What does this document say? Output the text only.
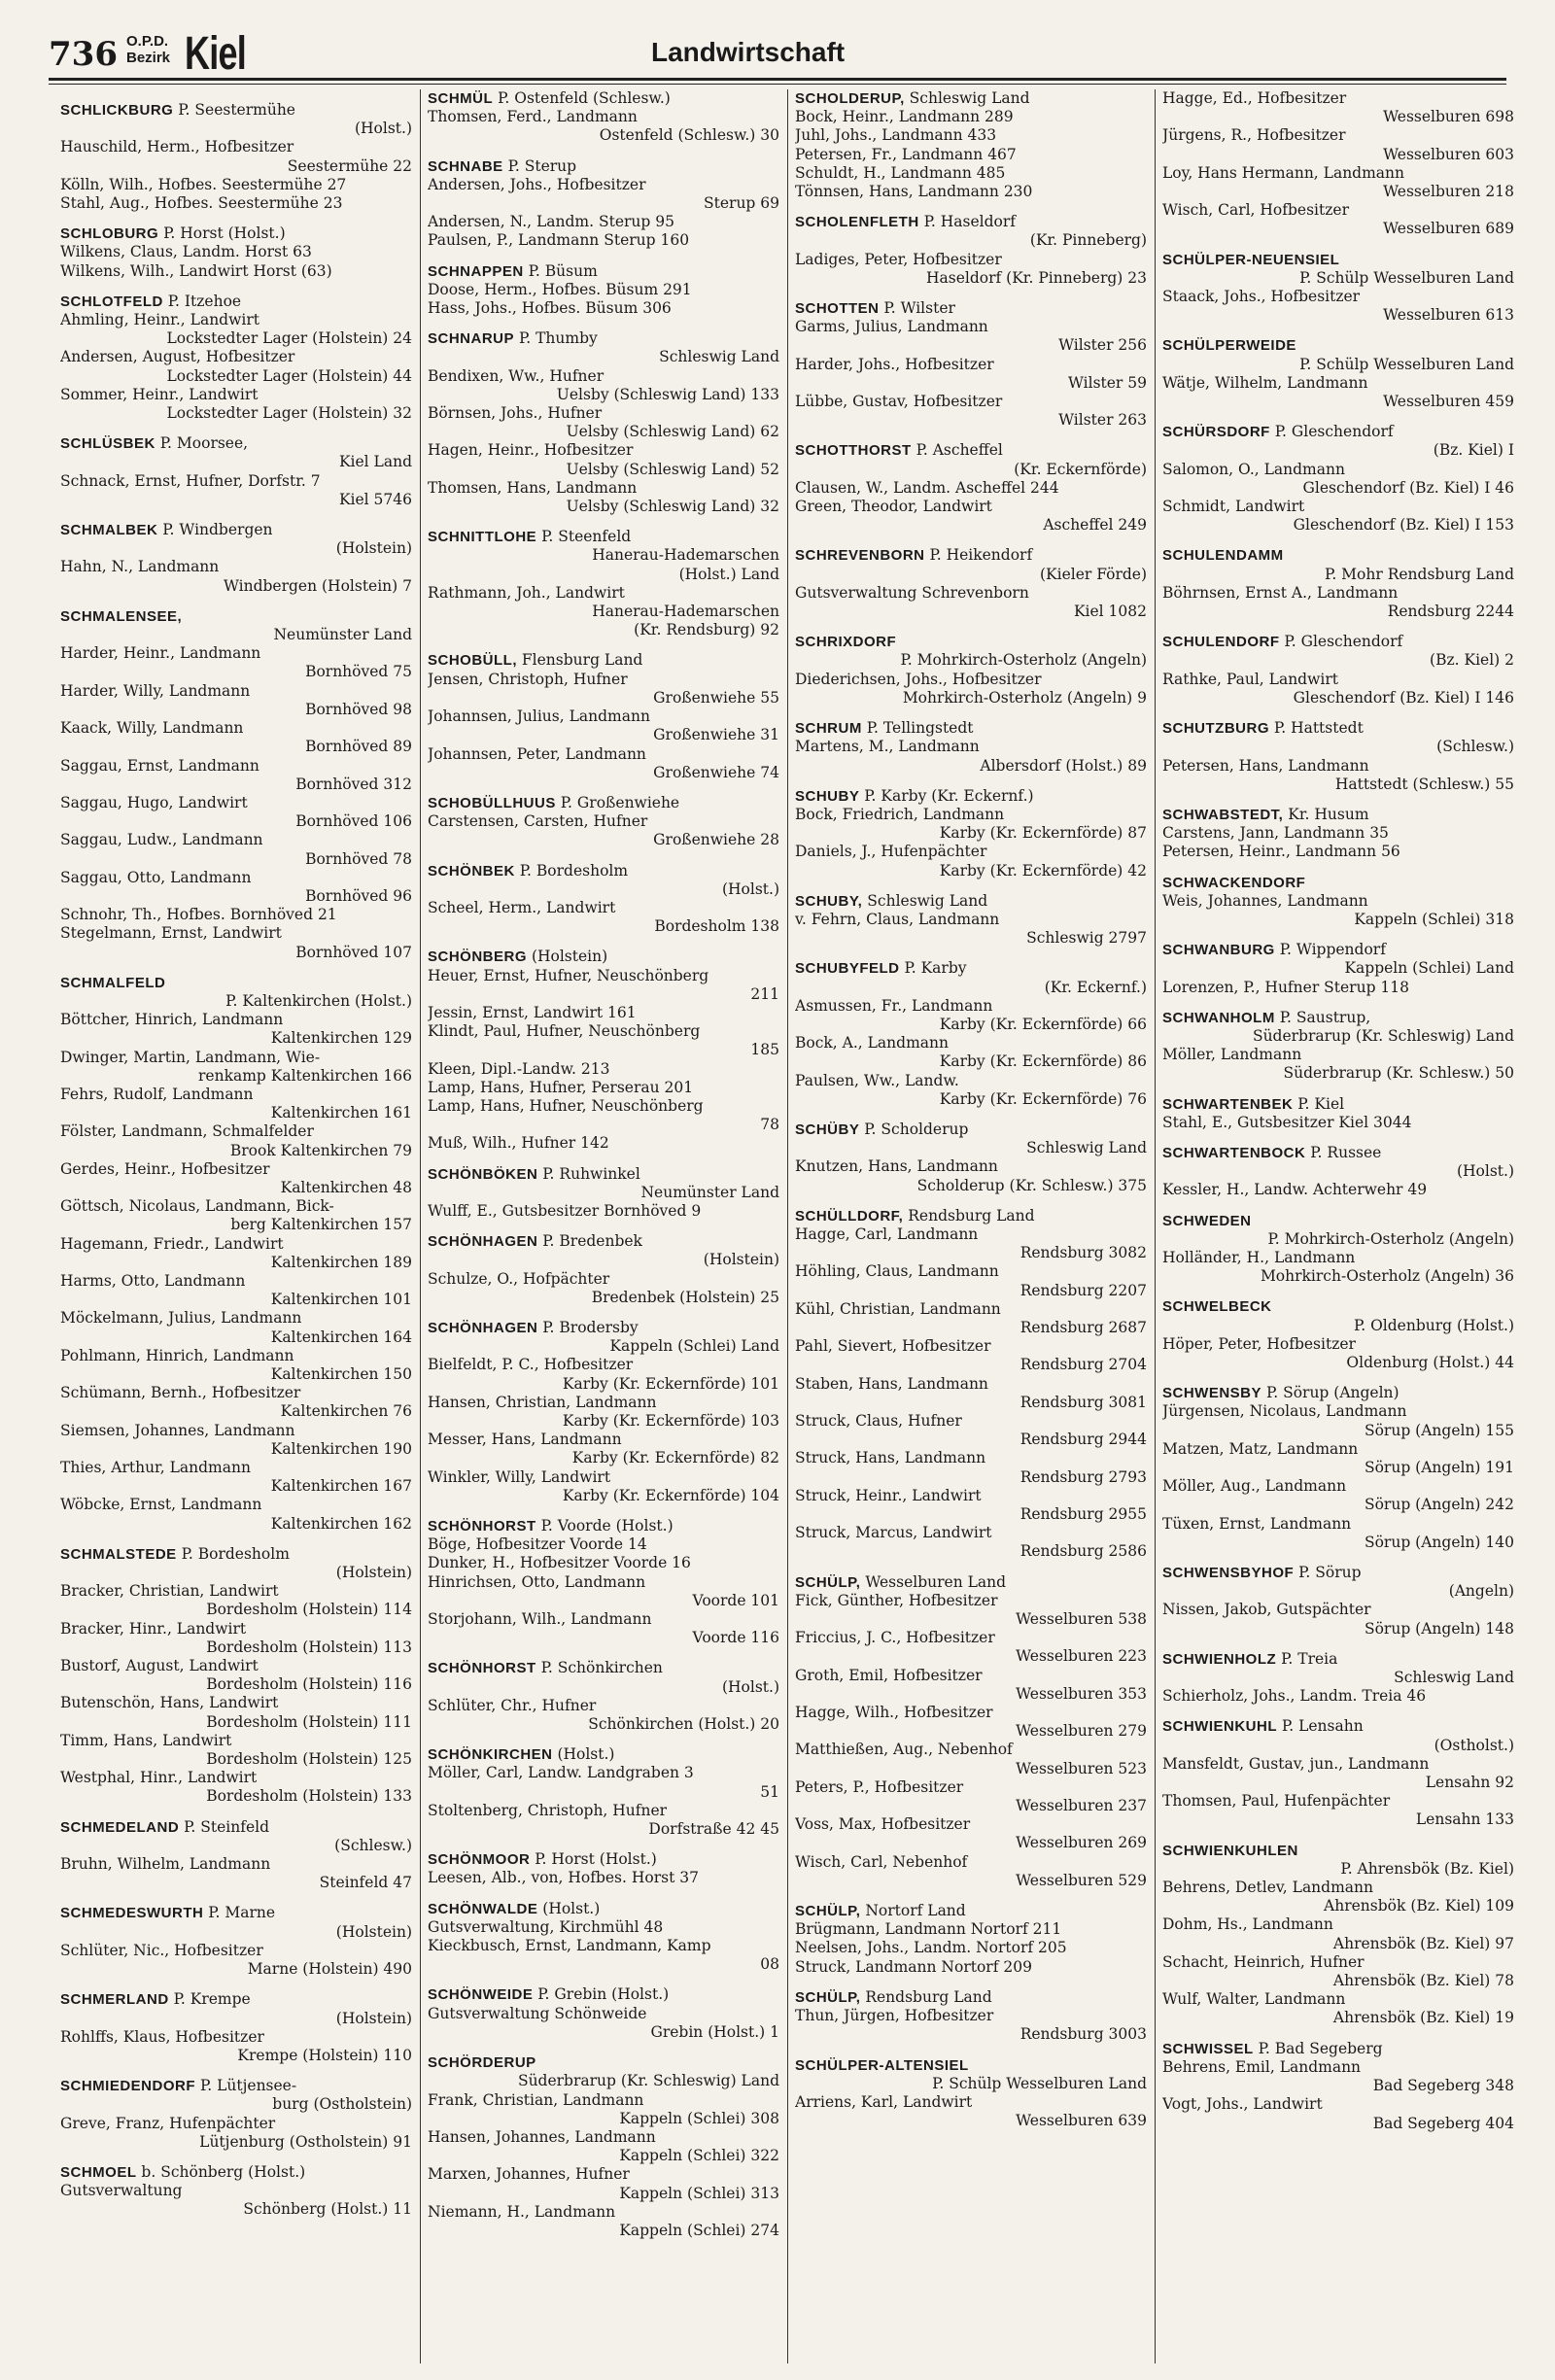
736 O.P.D.
Bezirk Kiel	Landwirtschaft
SCHLICKBURG P. Seestermühe
(Holst.)
Hauschild, Herm., Hofbesitzer
Seestermühe 22
Kölln, Wilh., Hofbes. Seestermühe 27
Stahl, Aug., Hofbes. Seestermühe 23
SCHLOBURG P. Horst (Holst.)
Wilkens, Claus, Landm. Horst 63
Wilkens, Wilh., Landwirt Horst (63)
SCHLOTFELD P. Itzehoe
Ahmling, Heinr., Landwirt
Lockstedter Lager (Holstein) 24
Andersen, August, Hofbesitzer
Lockstedter Lager (Holstein) 44
Sommer, Heinr., Landwirt
Lockstedter Lager (Holstein) 32
SCHLÜSBEK P. Moorsee,
Kiel Land
Schnack, Ernst, Hufner, Dorfstr. 7
Kiel 5746
SCHMALBEK P. Windbergen
(Holstein)
Hahn, N., Landmann
Windbergen (Holstein) 7
SCHMALENSEE,
Neumünster Land
Harder, Heinr., Landmann
Bornhöved 75
Harder, Willy, Landmann
Bornhöved 98
Kaack, Willy, Landmann
Bornhöved 89
Saggau, Ernst, Landmann
Bornhöved 312
Saggau, Hugo, Landwirt
Bornhöved 106
Saggau, Ludw., Landmann
Bornhöved 78
Saggau, Otto, Landmann
Bornhöved 96
Schnohr, Th., Hofbes. Bornhöved 21
Stegelmann, Ernst, Landwirt
Bornhöved 107
SCHMALFELD
P. Kaltenkirchen (Holst.)
Böttcher, Hinrich, Landmann
Kaltenkirchen 129
Dwinger, Martin, Landmann, Wie-
renkamp Kaltenkirchen 166
Fehrs, Rudolf, Landmann
Kaltenkirchen 161
Fölster, Landmann, Schmalfelder
Brook Kaltenkirchen 79
Gerdes, Heinr., Hofbesitzer
Kaltenkirchen 48
Göttsch, Nicolaus, Landmann, Bick-
berg Kaltenkirchen 157
Hagemann, Friedr., Landwirt
Kaltenkirchen 189
Harms, Otto, Landmann
Kaltenkirchen 101
Möckelmann, Julius, Landmann
Kaltenkirchen 164
Pohlmann, Hinrich, Landmann
Kaltenkirchen 150
Schümann, Bernh., Hofbesitzer
Kaltenkirchen 76
Siemsen, Johannes, Landmann
Kaltenkirchen 190
Thies, Arthur, Landmann
Kaltenkirchen 167
Wöbcke, Ernst, Landmann
Kaltenkirchen 162
SCHMALSTEDE P. Bordesholm
(Holstein)
Bracker, Christian, Landwirt
Bordesholm (Holstein) 114
Bracker, Hinr., Landwirt
Bordesholm (Holstein) 113
Bustorf, August, Landwirt
Bordesholm (Holstein) 116
Butenschön, Hans, Landwirt
Bordesholm (Holstein) 111
Timm, Hans, Landwirt
Bordesholm (Holstein) 125
Westphal, Hinr., Landwirt
Bordesholm (Holstein) 133
SCHMEDELAND P. Steinfeld
(Schlesw.)
Bruhn, Wilhelm, Landmann
Steinfeld 47
SCHMEDESWURTH P. Marne
(Holstein)
Schlüter, Nic., Hofbesitzer
Marne (Holstein) 490
SCHMERLAND P. Krempe
(Holstein)
Rohlffs, Klaus, Hofbesitzer
Krempe (Holstein) 110
SCHMIEDENDORF P. Lütjensee-
burg (Ostholstein)
Greve, Franz, Hufenpächter
Lütjenburg (Ostholstein) 91
SCHMOEL b. Schönberg (Holst.)
Gutsverwaltung
Schönberg (Holst.) 11
SCHMÜL P. Ostenfeld (Schlesw.)
Thomsen, Ferd., Landmann
Ostenfeld (Schlesw.) 30
SCHNABE P. Sterup
Andersen, Johs., Hofbesitzer
Sterup 69
Andersen, N., Landm. Sterup 95
Paulsen, P., Landmann Sterup 160
SCHNAPPEN P. Büsum
Doose, Herm., Hofbes. Büsum 291
Hass, Johs., Hofbes. Büsum 306
SCHNARUP P. Thumby
Schleswig Land
Bendixen, Ww., Hufner
Uelsby (Schleswig Land) 133
Börnsen, Johs., Hufner
Uelsby (Schleswig Land) 62
Hagen, Heinr., Hofbesitzer
Uelsby (Schleswig Land) 52
Thomsen, Hans, Landmann
Uelsby (Schleswig Land) 32
SCHNITTLOHE P. Steenfeld
Hanerau-Hademarschen
(Holst.) Land
Rathmann, Joh., Landwirt
Hanerau-Hademarschen
(Kr. Rendsburg) 92
SCHOBÜLL, Flensburg Land
Jensen, Christoph, Hufner
Großenwiehe 55
Johannsen, Julius, Landmann
Großenwiehe 31
Johannsen, Peter, Landmann
Großenwiehe 74
SCHOBÜLLHUUS P. Großenwiehe
Carstensen, Carsten, Hufner
Großenwiehe 28
SCHÖNBEK P. Bordesholm
(Holst.)
Scheel, Herm., Landwirt
Bordesholm 138
SCHÖNBERG (Holstein)
Heuer, Ernst, Hufner, Neuschönberg
211
Jessin, Ernst, Landwirt 161
Klindt, Paul, Hufner, Neuschönberg
185
Kleen, Dipl.-Landw. 213
Lamp, Hans, Hufner, Perserau 201
Lamp, Hans, Hufner, Neuschönberg
78
Muß, Wilh., Hufner 142
SCHÖNBÖKEN P. Ruhwinkel
Neumünster Land
Wulff, E., Gutsbesitzer Bornhöved 9
SCHÖNHAGEN P. Bredenbek
(Holstein)
Schulze, O., Hofpächter
Bredenbek (Holstein) 25
SCHÖNHAGEN P. Brodersby
Kappeln (Schlei) Land
Bielfeldt, P. C., Hofbesitzer
Karby (Kr. Eckernförde) 101
Hansen, Christian, Landmann
Karby (Kr. Eckernförde) 103
Messer, Hans, Landmann
Karby (Kr. Eckernförde) 82
Winkler, Willy, Landwirt
Karby (Kr. Eckernförde) 104
SCHÖNHORST P. Voorde (Holst.)
Böge, Hofbesitzer Voorde 14
Dunker, H., Hofbesitzer Voorde 16
Hinrichsen, Otto, Landmann
Voorde 101
Storjohann, Wilh., Landmann
Voorde 116
SCHÖNHORST P. Schönkirchen
(Holst.)
Schlüter, Chr., Hufner
Schönkirchen (Holst.) 20
SCHÖNKIRCHEN (Holst.)
Möller, Carl, Landw. Landgraben 3
51
Stoltenberg, Christoph, Hufner
Dorfstraße 42 45
SCHÖNMOOR P. Horst (Holst.)
Leesen, Alb., von, Hofbes. Horst 37
SCHÖNWALDE (Holst.)
Gutsverwaltung, Kirchmühl 48
Kieckbusch, Ernst, Landmann, Kamp
08
SCHÖNWEIDE P. Grebin (Holst.)
Gutsverwaltung Schönweide
Grebin (Holst.) 1
SCHÖRDERUP
Süderbrarup (Kr. Schleswig) Land
Frank, Christian, Landmann
Kappeln (Schlei) 308
Hansen, Johannes, Landmann
Kappeln (Schlei) 322
Marxen, Johannes, Hufner
Kappeln (Schlei) 313
Niemann, H., Landmann
Kappeln (Schlei) 274
SCHOLDERUP, Schleswig Land
Bock, Heinr., Landmann 289
Juhl, Johs., Landmann 433
Petersen, Fr., Landmann 467
Schuldt, H., Landmann 485
Tönnsen, Hans, Landmann 230
SCHOLENFLETH P. Haseldorf
(Kr. Pinneberg)
Ladiges, Peter, Hofbesitzer
Haseldorf (Kr. Pinneberg) 23
SCHOTTEN P. Wilster
Garms, Julius, Landmann
Wilster 256
Harder, Johs., Hofbesitzer
Wilster 59
Lübbe, Gustav, Hofbesitzer
Wilster 263
SCHOTTHORST P. Ascheffel
(Kr. Eckernförde)
Clausen, W., Landm. Ascheffel 244
Green, Theodor, Landwirt
Ascheffel 249
SCHREVENBORN P. Heikendorf
(Kieler Förde)
Gutsverwaltung Schrevenborn
Kiel 1082
SCHRIXDORF
P. Mohrkirch-Osterholz (Angeln)
Diederichsen, Johs., Hofbesitzer
Mohrkirch-Osterholz (Angeln) 9
SCHRUM P. Tellingstedt
Martens, M., Landmann
Albersdorf (Holst.) 89
SCHUBY P. Karby (Kr. Eckernf.)
Bock, Friedrich, Landmann
Karby (Kr. Eckernförde) 87
Daniels, J., Hufenpächter
Karby (Kr. Eckernförde) 42
SCHUBY, Schleswig Land
v. Fehrn, Claus, Landmann
Schleswig 2797
SCHUBYFELD P. Karby
(Kr. Eckernf.)
Asmussen, Fr., Landmann
Karby (Kr. Eckernförde) 66
Bock, A., Landmann
Karby (Kr. Eckernförde) 86
Paulsen, Ww., Landw.
Karby (Kr. Eckernförde) 76
SCHÜBY P. Scholderup
Schleswig Land
Knutzen, Hans, Landmann
Scholderup (Kr. Schlesw.) 375
SCHÜLLDORF, Rendsburg Land
Hagge, Carl, Landmann
Rendsburg 3082
Höhling, Claus, Landmann
Rendsburg 2207
Kühl, Christian, Landmann
Rendsburg 2687
Pahl, Sievert, Hofbesitzer
Rendsburg 2704
Staben, Hans, Landmann
Rendsburg 3081
Struck, Claus, Hufner
Rendsburg 2944
Struck, Hans, Landmann
Rendsburg 2793
Struck, Heinr., Landwirt
Rendsburg 2955
Struck, Marcus, Landwirt
Rendsburg 2586
SCHÜLP, Wesselburen Land
Fick, Günther, Hofbesitzer
Wesselburen 538
Friccius, J. C., Hofbesitzer
Wesselburen 223
Groth, Emil, Hofbesitzer
Wesselburen 353
Hagge, Wilh., Hofbesitzer
Wesselburen 279
Matthießen, Aug., Nebenhof
Wesselburen 523
Peters, P., Hofbesitzer
Wesselburen 237
Voss, Max, Hofbesitzer
Wesselburen 269
Wisch, Carl, Nebenhof
Wesselburen 529
SCHÜLP, Nortorf Land
Brügmann, Landmann Nortorf 211
Neelsen, Johs., Landm. Nortorf 205
Struck, Landmann Nortorf 209
SCHÜLP, Rendsburg Land
Thun, Jürgen, Hofbesitzer
Rendsburg 3003
SCHÜLPER-ALTENSIEL
P. Schülp Wesselburen Land
Arriens, Karl, Landwirt
Wesselburen 639
Hagge, Ed., Hofbesitzer
Wesselburen 698
Jürgens, R., Hofbesitzer
Wesselburen 603
Loy, Hans Hermann, Landmann
Wesselburen 218
Wisch, Carl, Hofbesitzer
Wesselburen 689
SCHÜLPER-NEUENSIEL
P. Schülp Wesselburen Land
Staack, Johs., Hofbesitzer
Wesselburen 613
SCHÜLPERWEIDE
P. Schülp Wesselburen Land
Wätje, Wilhelm, Landmann
Wesselburen 459
SCHÜRSDORF P. Gleschendorf
(Bz. Kiel) I
Salomon, O., Landmann
Gleschendorf (Bz. Kiel) I 46
Schmidt, Landwirt
Gleschendorf (Bz. Kiel) I 153
SCHULENDAMM
P. Mohr Rendsburg Land
Böhrnsen, Ernst A., Landmann
Rendsburg 2244
SCHULENDORF P. Gleschendorf
(Bz. Kiel) 2
Rathke, Paul, Landwirt
Gleschendorf (Bz. Kiel) I 146
SCHUTZBURG P. Hattstedt
(Schlesw.)
Petersen, Hans, Landmann
Hattstedt (Schlesw.) 55
SCHWABSTEDT, Kr. Husum
Carstens, Jann, Landmann 35
Petersen, Heinr., Landmann 56
SCHWACKENDORF
Weis, Johannes, Landmann
Kappeln (Schlei) 318
SCHWANBURG P. Wippendorf
Kappeln (Schlei) Land
Lorenzen, P., Hufner Sterup 118
SCHWANHOLM P. Saustrup,
Süderbrarup (Kr. Schleswig) Land
Möller, Landmann
Süderbrarup (Kr. Schlesw.) 50
SCHWARTENBEK P. Kiel
Stahl, E., Gutsbesitzer Kiel 3044
SCHWARTENBOCK P. Russee
(Holst.)
Kessler, H., Landw. Achterwehr 49
SCHWEDEN
P. Mohrkirch-Osterholz (Angeln)
Holländer, H., Landmann
Mohrkirch-Osterholz (Angeln) 36
SCHWELBECK
P. Oldenburg (Holst.)
Höper, Peter, Hofbesitzer
Oldenburg (Holst.) 44
SCHWENSBY P. Sörup (Angeln)
Jürgensen, Nicolaus, Landmann
Sörup (Angeln) 155
Matzen, Matz, Landmann
Sörup (Angeln) 191
Möller, Aug., Landmann
Sörup (Angeln) 242
Tüxen, Ernst, Landmann
Sörup (Angeln) 140
SCHWENSBYHOF P. Sörup
(Angeln)
Nissen, Jakob, Gutspächter
Sörup (Angeln) 148
SCHWIENHOLZ P. Treia
Schleswig Land
Schierholz, Johs., Landm. Treia 46
SCHWIENKUHL P. Lensahn
(Ostholst.)
Mansfeldt, Gustav, jun., Landmann
Lensahn 92
Thomsen, Paul, Hufenpächter
Lensahn 133
SCHWIENKUHLEN
P. Ahrensbök (Bz. Kiel)
Behrens, Detlev, Landmann
Ahrensbök (Bz. Kiel) 109
Dohm, Hs., Landmann
Ahrensbök (Bz. Kiel) 97
Schacht, Heinrich, Hufner
Ahrensbök (Bz. Kiel) 78
Wulf, Walter, Landmann
Ahrensbök (Bz. Kiel) 19
SCHWISSEL P. Bad Segeberg
Behrens, Emil, Landmann
Bad Segeberg 348
Vogt, Johs., Landwirt
Bad Segeberg 404
